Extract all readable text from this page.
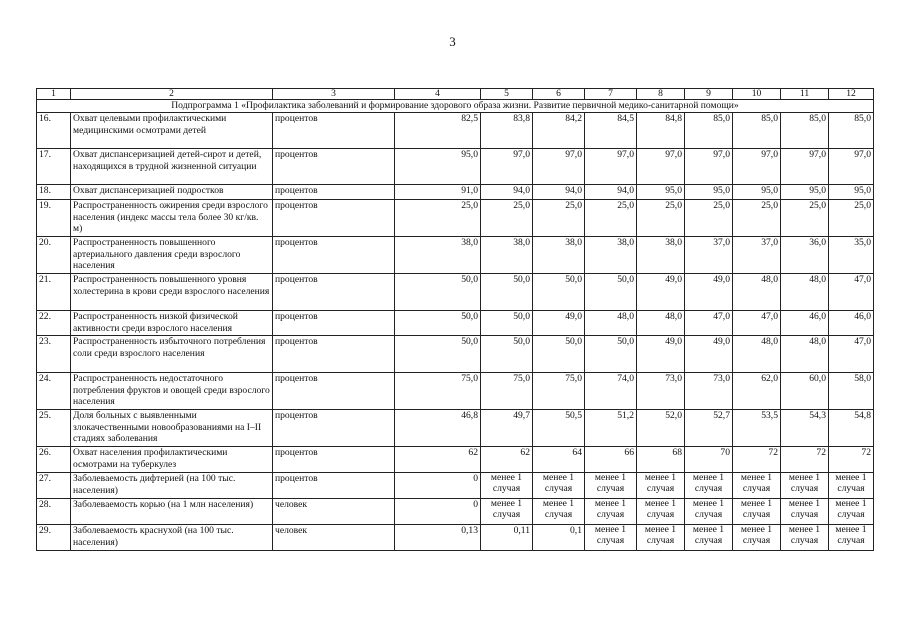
3
1	2	3	4	5	6	7	8	9	10	11	12
Подпрограмма 1 «Профилактика заболеваний и формирование здорового образа жизни. Развитие первичной медико-санитарной помощи»											
16.	Охват целевыми профилактическими медицинскими осмотрами детей	процентов	82,5	83,8	84,2	84,5	84,8	85,0	85,0	85,0	85,0
17.	Охват диспансеризацией детей-сирот и детей, находящихся в трудной жизненной ситуации	процентов	95,0	97,0	97,0	97,0	97,0	97,0	97,0	97,0	97,0
18.	Охват диспансеризацией подростков	процентов	91,0	94,0	94,0	94,0	95,0	95,0	95,0	95,0	95,0
19.	Распространенность ожирения среди взрослого населения (индекс массы тела более 30 кг/кв. м)	процентов	25,0	25,0	25,0	25,0	25,0	25,0	25,0	25,0	25,0
20.	Распространенность повышенного артериального давления среди взрослого населения	процентов	38,0	38,0	38,0	38,0	38,0	37,0	37,0	36,0	35,0
21.	Распространенность повышенного уровня холестерина в крови среди взрослого населения	процентов	50,0	50,0	50,0	50,0	49,0	49,0	48,0	48,0	47,0
22.	Распространенность низкой физической активности среди взрослого населения	процентов	50,0	50,0	49,0	48,0	48,0	47,0	47,0	46,0	46,0
23.	Распространенность избыточного потребления соли среди взрослого населения	процентов	50,0	50,0	50,0	50,0	49,0	49,0	48,0	48,0	47,0
24.	Распространенность недостаточного потребления фруктов и овощей среди взрослого населения	процентов	75,0	75,0	75,0	74,0	73,0	73,0	62,0	60,0	58,0
25.	Доля больных с выявленными злокачественными новообразованиями на I–II стадиях заболевания	процентов	46,8	49,7	50,5	51,2	52,0	52,7	53,5	54,3	54,8
26.	Охват населения профилактическими осмотрами на туберкулез	процентов	62	62	64	66	68	70	72	72	72
27.	Заболеваемость дифтерией (на 100 тыс. населения)	процентов	0	менее 1 случая	менее 1 случая	менее 1 случая	менее 1 случая	менее 1 случая	менее 1 случая	менее 1 случая	менее 1 случая
28.	Заболеваемость корью (на 1 млн населения)	человек	0	менее 1 случая	менее 1 случая	менее 1 случая	менее 1 случая	менее 1 случая	менее 1 случая	менее 1 случая	менее 1 случая
29.	Заболеваемость краснухой (на 100 тыс. населения)	человек	0,13	0,11	0,1	менее 1 случая	менее 1 случая	менее 1 случая	менее 1 случая	менее 1 случая	менее 1 случая
